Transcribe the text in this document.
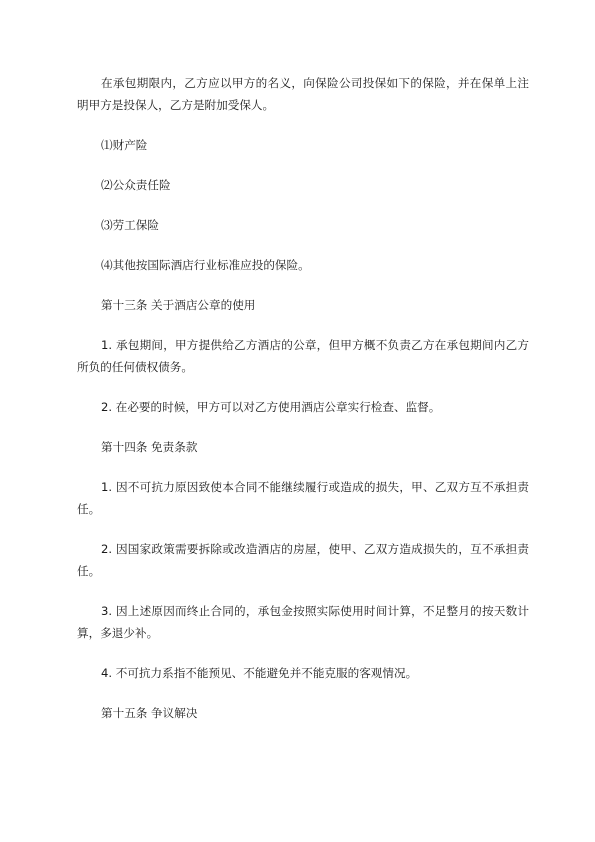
在承包期限内，乙方应以甲方的名义，向保险公司投保如下的保险，并在保单上注明甲方是投保人，乙方是附加受保人。

⑴财产险

⑵公众责任险

⑶劳工保险

⑷其他按国际酒店行业标准应投的保险。

第十三条 关于酒店公章的使用

1. 承包期间，甲方提供给乙方酒店的公章，但甲方概不负责乙方在承包期间内乙方所负的任何债权债务。

2. 在必要的时候，甲方可以对乙方使用酒店公章实行检查、监督。

第十四条 免责条款

1. 因不可抗力原因致使本合同不能继续履行或造成的损失，甲、乙双方互不承担责任。

2. 因国家政策需要拆除或改造酒店的房屋，使甲、乙双方造成损失的，互不承担责任。

3. 因上述原因而终止合同的，承包金按照实际使用时间计算，不足整月的按天数计算，多退少补。

4. 不可抗力系指不能预见、不能避免并不能克服的客观情况。

第十五条 争议解决
